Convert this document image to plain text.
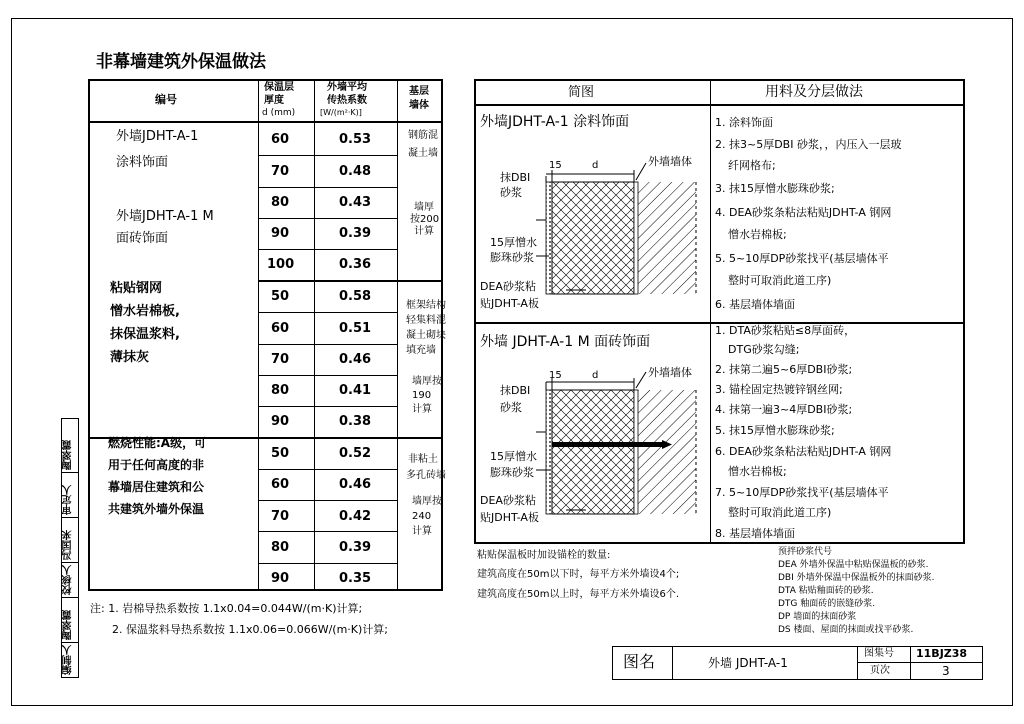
陶翠霞
审定人
冯国来
校核人
陶翠霞
编制人
非幕墙建筑外保温做法
编号
保温层
厚度
d (mm)
外墙平均
传热系数
[W/(m²·K)]
基层
墙体
外墙JDHT-A-1
涂料饰面
外墙JDHT-A-1 M
面砖饰面
粘贴钢网
憎水岩棉板,
抹保温浆料,
薄抹灰
燃烧性能:A级，可
用于任何高度的非
幕墙居住建筑和公
共建筑外墙外保温
60	0.53
70	0.48
80	0.43
90	0.39
100	0.36
钢筋混
凝土墙
墙厚
按200
计算
50	0.58
60	0.51
70	0.46
80	0.41
90	0.38
框架结构
轻集料混
凝土砌块
填充墙
墙厚按
190
计算
50	0.52
60	0.46
70	0.42
80	0.39
90	0.35
非粘土
多孔砖墙
墙厚按
240
计算
简图	用料及分层做法
外墙JDHT-A-1 涂料饰面
15	d	外墙墙体
抹DBI
砂浆
15厚憎水
膨珠砂浆
DEA砂浆粘
贴JDHT-A板
1. 涂料饰面
2. 抹3~5厚DBI 砂浆，，内压入一层玻
纤网格布;
3. 抹15厚憎水膨珠砂浆;
4. DEA砂浆条粘法粘贴JDHT-A 钢网
憎水岩棉板;
5. 5~10厚DP砂浆找平(基层墙体平
整时可取消此道工序)
6. 基层墙体墙面
外墙 JDHT-A-1 M 面砖饰面
15	d	外墙墙体
抹DBI
砂浆
15厚憎水
膨珠砂浆
DEA砂浆粘
贴JDHT-A板
1. DTA砂浆粘贴≤8厚面砖，
DTG砂浆勾缝;
2. 抹第二遍5~6厚DBI砂浆;
3. 锚栓固定热镀锌钢丝网;
4. 抹第一遍3~4厚DBI砂浆;
5. 抹15厚憎水膨珠砂浆;
6. DEA砂浆条粘法粘贴JDHT-A 钢网
憎水岩棉板;
7. 5~10厚DP砂浆找平(基层墙体平
整时可取消此道工序)
8. 基层墙体墙面
粘贴保温板时加设锚栓的数量:
建筑高度在50m以下时，每平方米外墙设4个;
建筑高度在50m以上时，每平方米外墙设6个.
预拌砂浆代号
DEA 外墙外保温中粘贴保温板的砂浆.
DBI 外墙外保温中保温板外的抹面砂浆.
DTA 粘贴釉面砖的砂浆.
DTG 釉面砖的嵌缝砂浆.
DP 墙面的抹面砂浆
DS 楼面、屋面的抹面或找平砂浆.
注: 1. 岩棉导热系数按 1.1x0.04=0.044W/(m·K)计算;
2. 保温浆料导热系数按 1.1x0.06=0.066W/(m·K)计算;
图名	外墙 JDHT-A-1
图集号 11BJZ38
页次	3
